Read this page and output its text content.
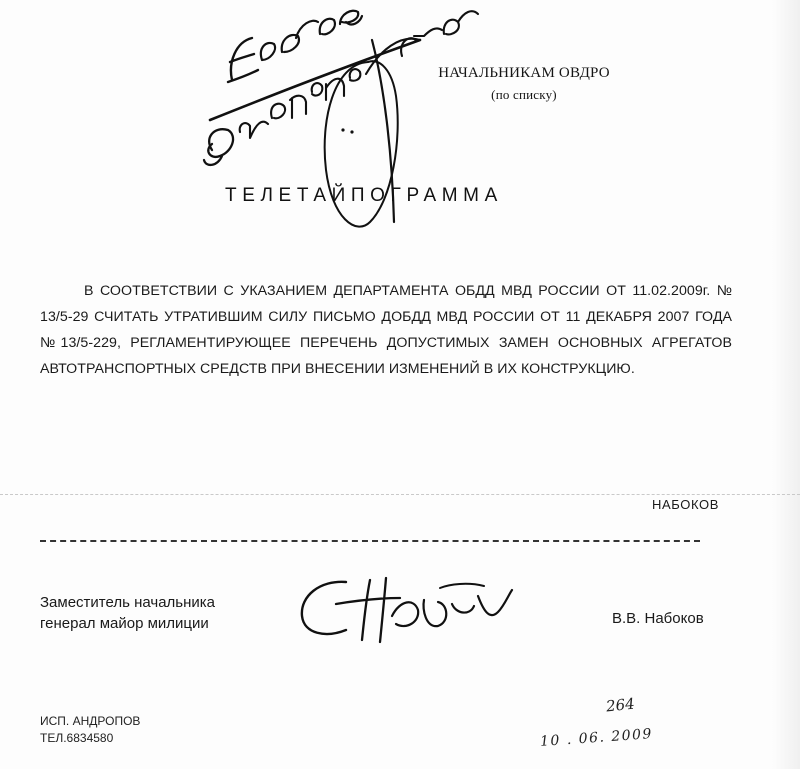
НАЧАЛЬНИКАМ ОВДРО
(по списку)
ТЕЛЕТАЙПОГРАММА
В СООТВЕТСТВИИ С УКАЗАНИЕМ ДЕПАРТАМЕНТА ОБДД МВД РОССИИ ОТ 11.02.2009г. № 13/5-29 СЧИТАТЬ УТРАТИВШИМ СИЛУ ПИСЬМО ДОБДД МВД РОССИИ ОТ 11 ДЕКАБРЯ 2007 ГОДА №13/5-229, РЕГЛАМЕНТИРУЮЩЕЕ ПЕРЕЧЕНЬ ДОПУСТИМЫХ ЗАМЕН ОСНОВНЫХ АГРЕГАТОВ АВТОТРАНСПОРТНЫХ СРЕДСТВ ПРИ ВНЕСЕНИИ ИЗМЕНЕНИЙ В ИХ КОНСТРУКЦИЮ.
НАБОКОВ
Заместитель начальника
генерал майор милиции	В.В. Набоков
ИСП. АНДРОПОВ
ТЕЛ.6834580
264
10 . 06. 2009
